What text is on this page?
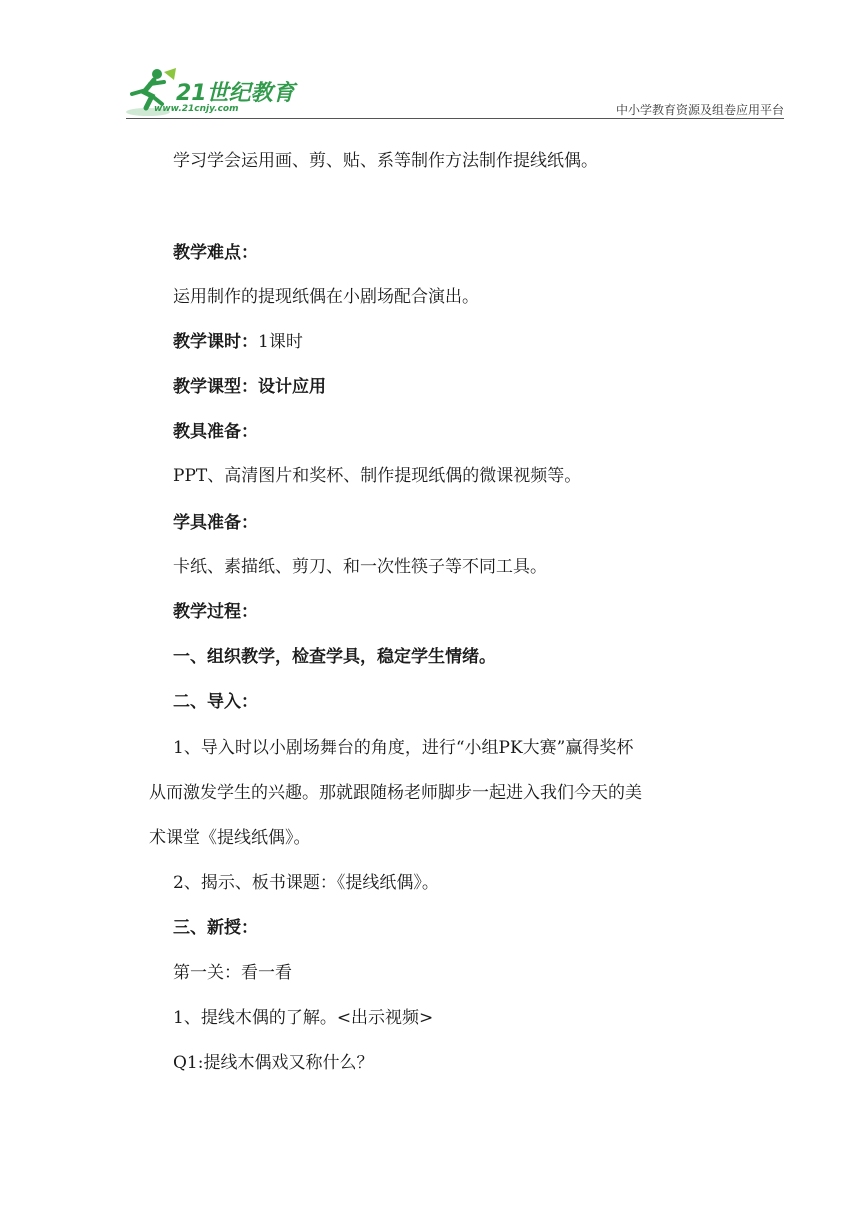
21世纪教育
www.21cnjy.com	中小学教育资源及组卷应用平台
学习学会运用画、剪、贴、系等制作方法制作提线纸偶。
教学难点：
运用制作的提现纸偶在小剧场配合演出。
教学课时：1课时
教学课型：设计应用
教具准备：
PPT、高清图片和奖杯、制作提现纸偶的微课视频等。
学具准备：
卡纸、素描纸、剪刀、和一次性筷子等不同工具。
教学过程：
一、组织教学，检查学具，稳定学生情绪。
二、导入：
1、导入时以小剧场舞台的角度，进行“小组PK大赛”赢得奖杯
从而激发学生的兴趣。那就跟随杨老师脚步一起进入我们今天的美
术课堂《提线纸偶》。
2、揭示、板书课题：《提线纸偶》。
三、新授：
第一关：看一看
1、提线木偶的了解。<出示视频>
Q1:提线木偶戏又称什么？
